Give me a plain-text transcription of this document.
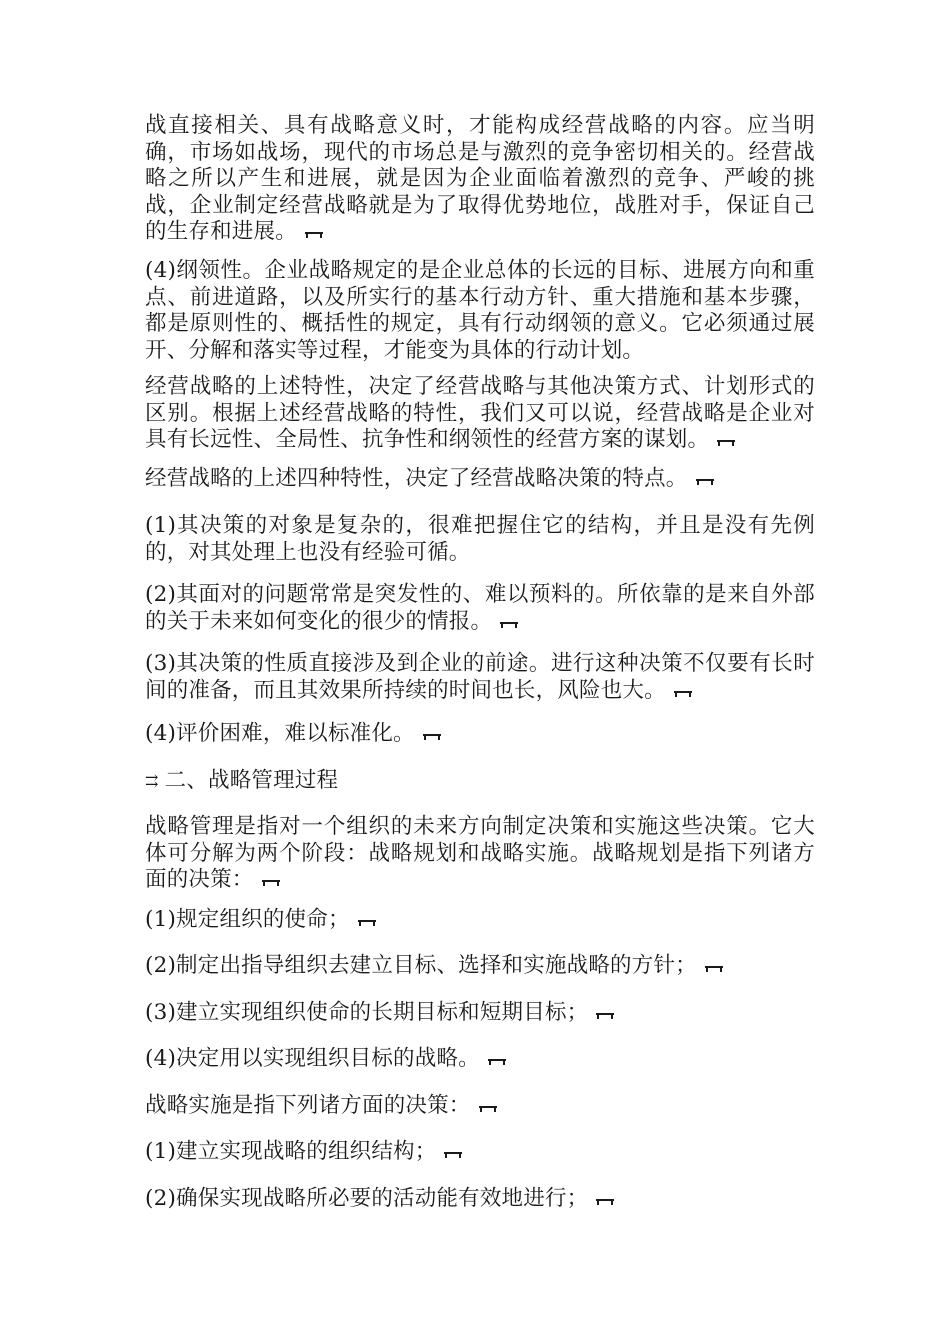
战直接相关、具有战略意义时，才能构成经营战略的内容。应当明确，市场如战场，现代的市场总是与激烈的竞争密切相关的。经营战略之所以产生和进展，就是因为企业面临着激烈的竞争、严峻的挑战，企业制定经营战略就是为了取得优势地位，战胜对手，保证自己的生存和进展。

(4)纲领性。企业战略规定的是企业总体的长远的目标、进展方向和重点、前进道路，以及所实行的基本行动方针、重大措施和基本步骤，都是原则性的、概括性的规定，具有行动纲领的意义。它必须通过展开、分解和落实等过程，才能变为具体的行动计划。

经营战略的上述特性，决定了经营战略与其他决策方式、计划形式的区别。根据上述经营战略的特性，我们又可以说，经营战略是企业对具有长远性、全局性、抗争性和纲领性的经营方案的谋划。

经营战略的上述四种特性，决定了经营战略决策的特点。

(1)其决策的对象是复杂的，很难把握住它的结构，并且是没有先例的，对其处理上也没有经验可循。

(2)其面对的问题常常是突发性的、难以预料的。所依靠的是来自外部的关于未来如何变化的很少的情报。

(3)其决策的性质直接涉及到企业的前途。进行这种决策不仅要有长时间的准备，而且其效果所持续的时间也长，风险也大。

(4)评价困难，难以标准化。

⇉ 二、战略管理过程

战略管理是指对一个组织的未来方向制定决策和实施这些决策。它大体可分解为两个阶段：战略规划和战略实施。战略规划是指下列诸方面的决策：

(1)规定组织的使命；

(2)制定出指导组织去建立目标、选择和实施战略的方针；

(3)建立实现组织使命的长期目标和短期目标；

(4)决定用以实现组织目标的战略。

战略实施是指下列诸方面的决策：

(1)建立实现战略的组织结构；

(2)确保实现战略所必要的活动能有效地进行；
